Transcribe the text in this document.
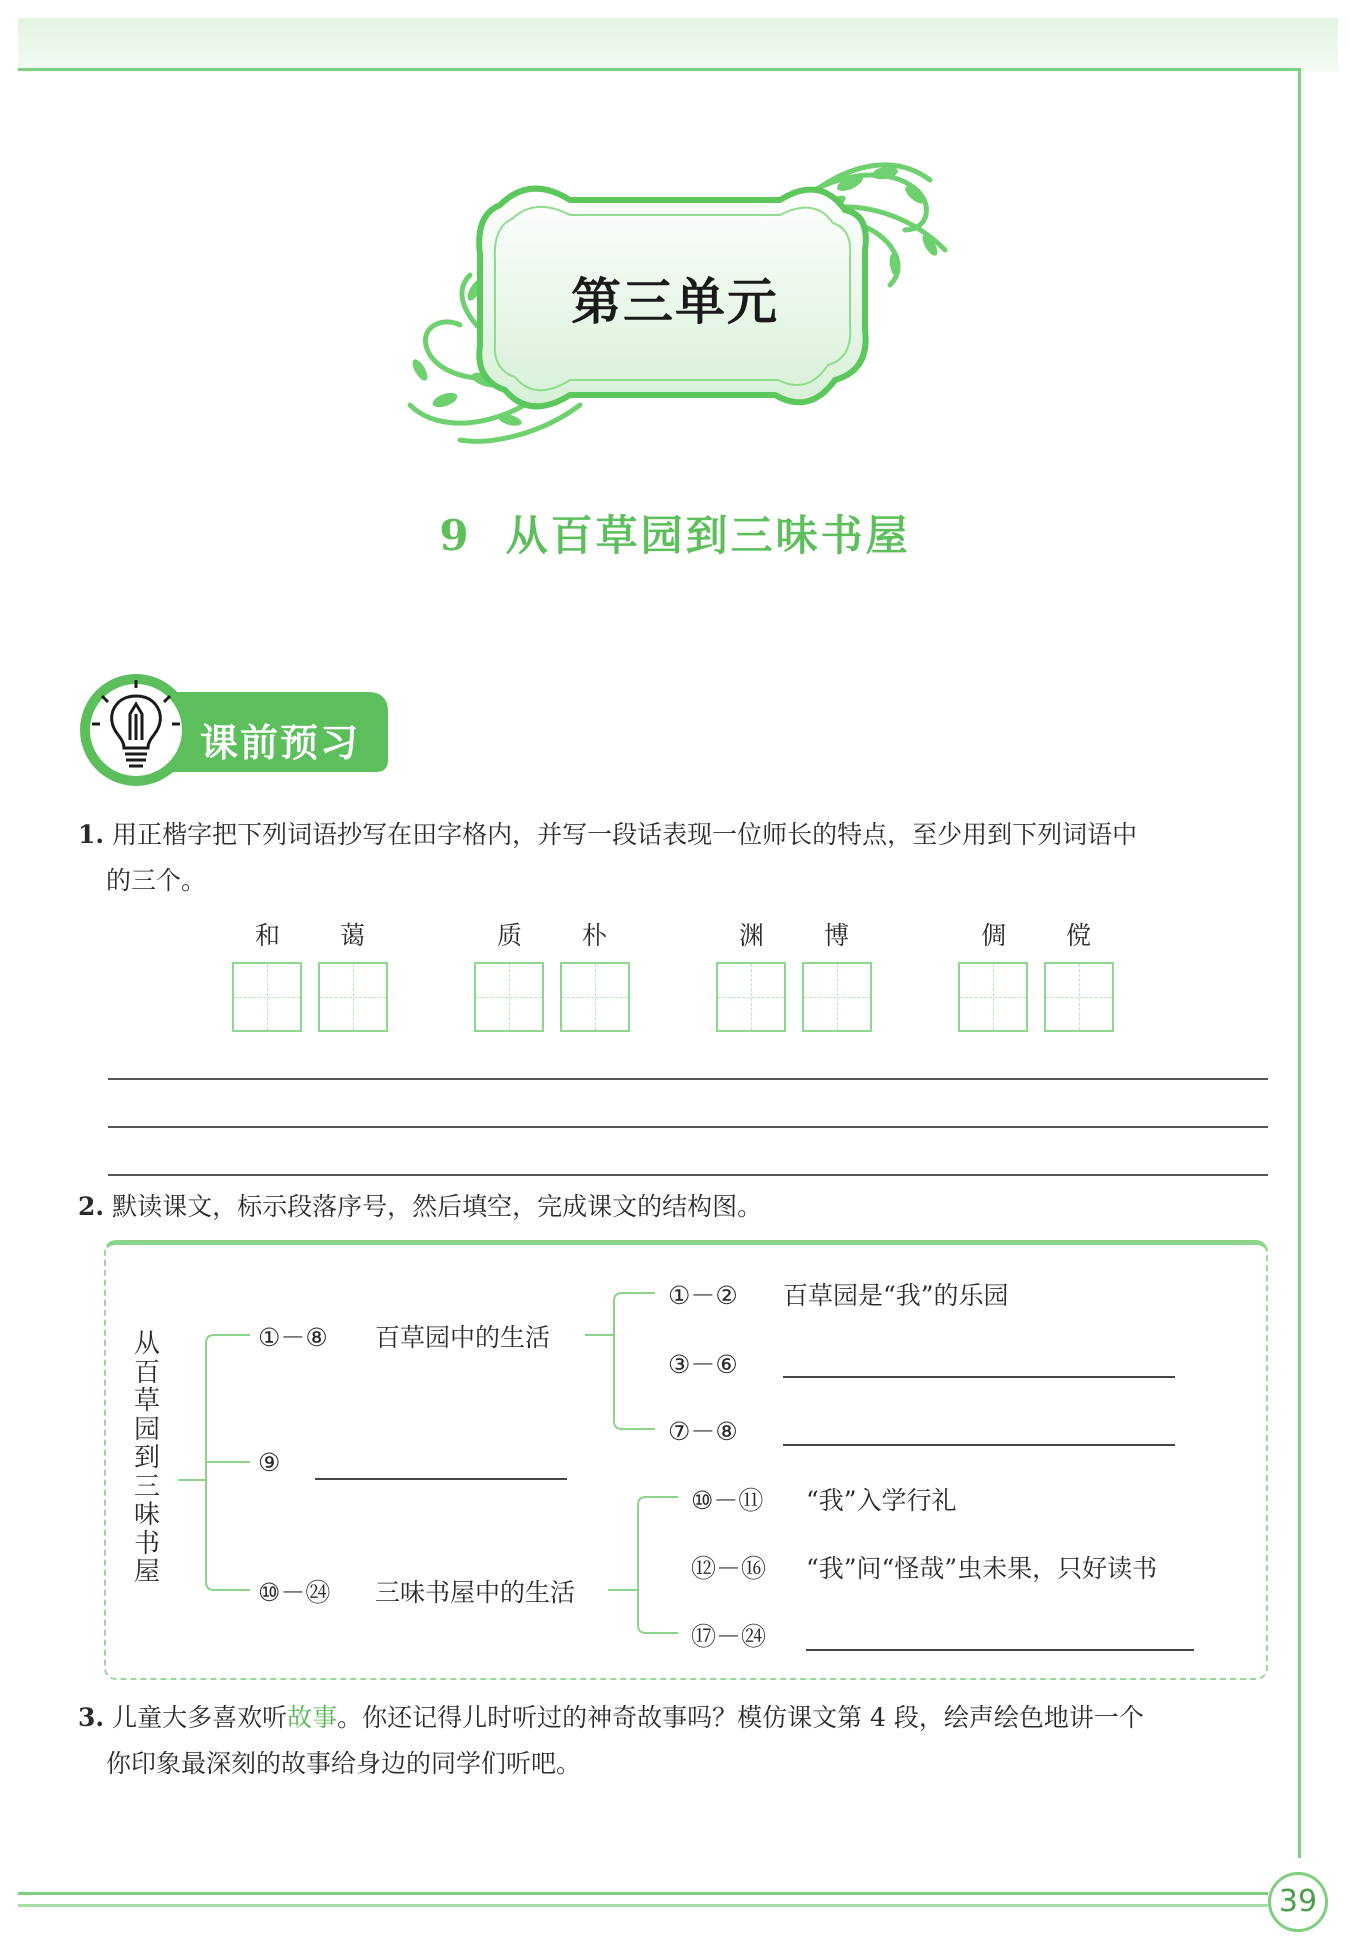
第三单元
9 从百草园到三味书屋
课前预习
1. 用正楷字把下列词语抄写在田字格内，并写一段话表现一位师长的特点，至少用到下列词语中
的三个。
和 蔼	质 朴	渊 博	倜 傥
2. 默读课文，标示段落序号，然后填空，完成课文的结构图。
从百草园到三味书屋
①－⑧ 百草园中的生活
①－② 百草园是“我”的乐园
③－⑥
⑦－⑧
⑨
⑩－⑪ “我”入学行礼
⑫－⑯ “我”问“怪哉”虫未果，只好读书
⑩－㉔ 三味书屋中的生活
⑰－㉔
3. 儿童大多喜欢听故事。你还记得儿时听过的神奇故事吗？模仿课文第 4 段，绘声绘色地讲一个
你印象最深刻的故事给身边的同学们听吧。
39
